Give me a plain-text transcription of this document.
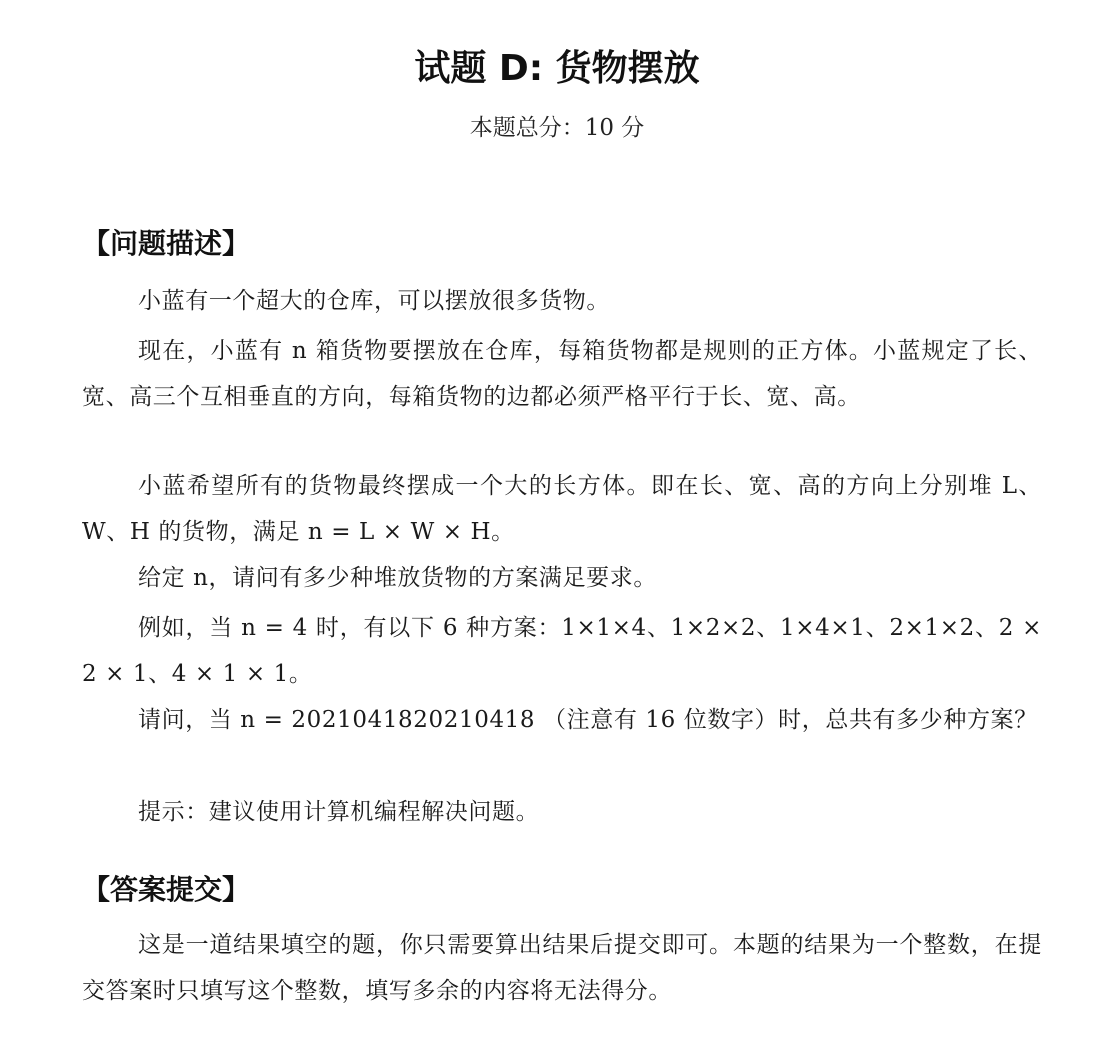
试题 D: 货物摆放
本题总分：10 分
【问题描述】
小蓝有一个超大的仓库，可以摆放很多货物。
现在，小蓝有 n 箱货物要摆放在仓库，每箱货物都是规则的正方体。小蓝规定了长、宽、高三个互相垂直的方向，每箱货物的边都必须严格平行于长、宽、高。
小蓝希望所有的货物最终摆成一个大的长方体。即在长、宽、高的方向上分别堆 L、W、H 的货物，满足 n = L × W × H。
给定 n，请问有多少种堆放货物的方案满足要求。
例如，当 n = 4 时，有以下 6 种方案：1×1×4、1×2×2、1×4×1、2×1×2、2 × 2 × 1、4 × 1 × 1。
请问，当 n = 2021041820210418 （注意有 16 位数字）时，总共有多少种方案？
提示：建议使用计算机编程解决问题。
【答案提交】
这是一道结果填空的题，你只需要算出结果后提交即可。本题的结果为一个整数，在提交答案时只填写这个整数，填写多余的内容将无法得分。
